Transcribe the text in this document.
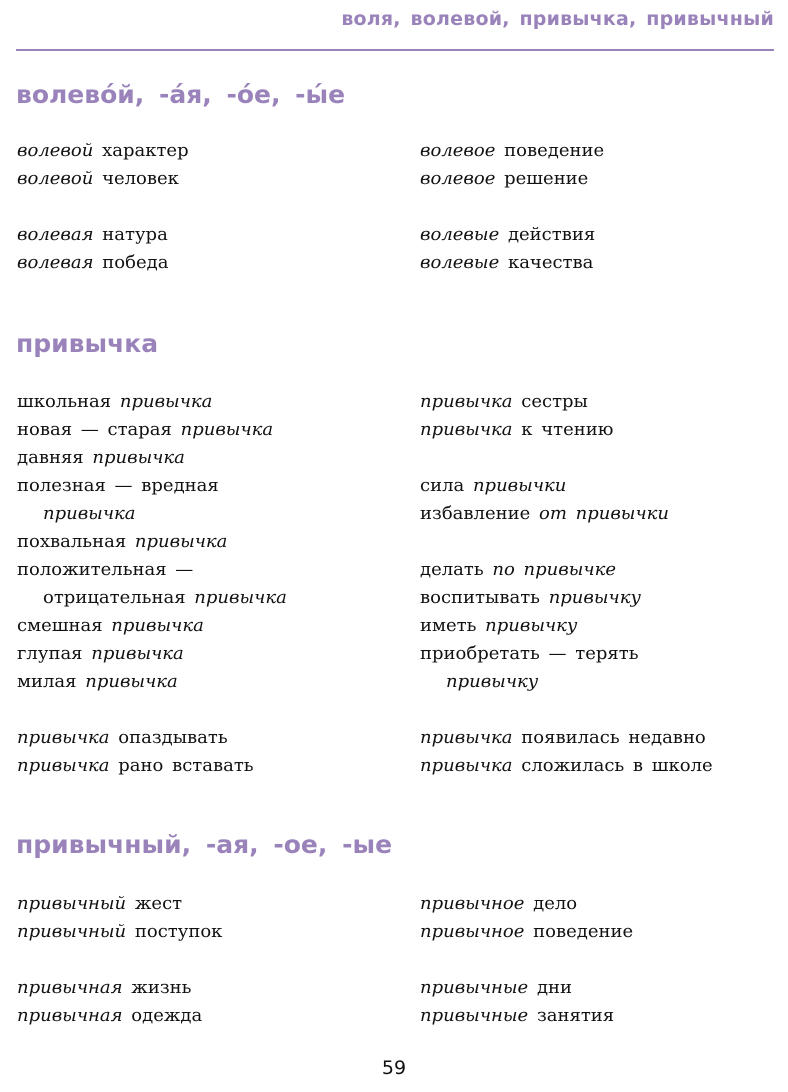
воля, волевой, привычка, привычный
волево́й, -а́я, -о́е, -ы́е
волевой характер
волевой человек
волевая натура
волевая победа
волевое поведение
волевое решение
волевые действия
волевые качества
привычка
школьная привычка
новая — старая привычка
давняя привычка
полезная — вредная
привычка
похвальная привычка
положительная —
отрицательная привычка
смешная привычка
глупая привычка
милая привычка
привычка опаздывать
привычка рано вставать
привычка сестры
привычка к чтению
сила привычки
избавление от привычки
делать по привычке
воспитывать привычку
иметь привычку
приобретать — терять
привычку
привычка появилась недавно
привычка сложилась в школе
привычный, -ая, -ое, -ые
привычный жест
привычный поступок
привычная жизнь
привычная одежда
привычное дело
привычное поведение
привычные дни
привычные занятия
59
